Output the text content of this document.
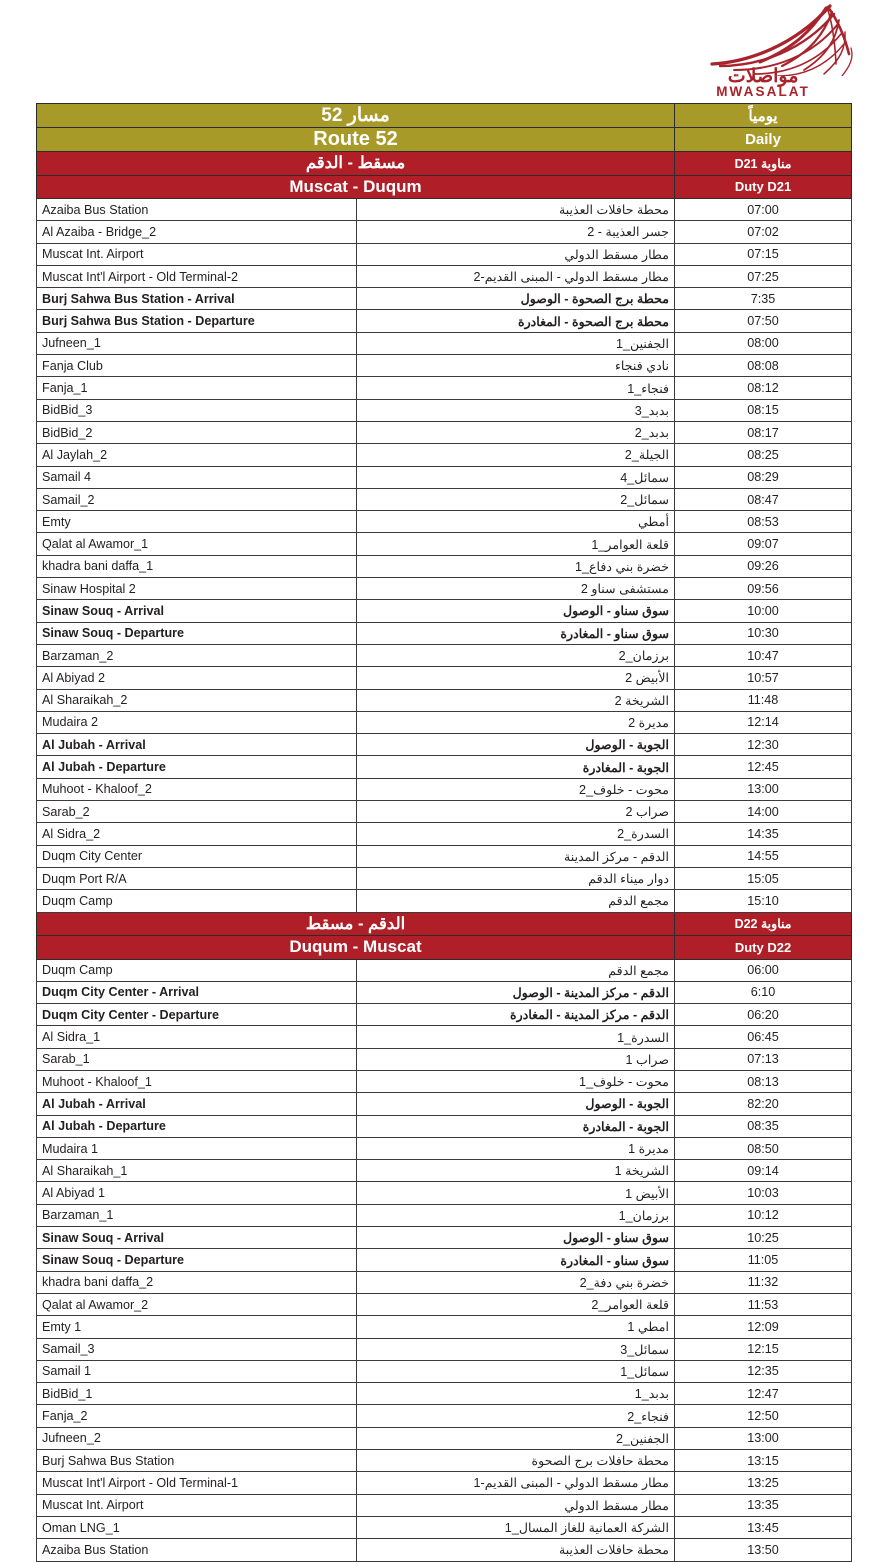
مواصلات
MWASALAT
مسار 52		يومياً
Route 52		Daily
مسقط - الدقم		مناوبة D21
Muscat - Duqum		Duty D21
Azaiba Bus Station	محطة حافلات العذيبة	07:00
Al Azaiba - Bridge_2	جسر العذيبة - 2	07:02
Muscat Int. Airport	مطار مسقط الدولي	07:15
Muscat Int'l Airport - Old Terminal-2	مطار مسقط الدولي - المبنى القديم-2	07:25
Burj Sahwa Bus Station - Arrival	محطة برج الصحوة - الوصول	7:35
Burj Sahwa Bus Station - Departure	محطة برج الصحوة - المغادرة	07:50
Jufneen_1	الجفنين_1	08:00
Fanja Club	نادي فنجاء	08:08
Fanja_1	فنجاء_1	08:12
BidBid_3	بدبد_3	08:15
BidBid_2	بدبد_2	08:17
Al Jaylah_2	الجيلة_2	08:25
Samail 4	سمائل_4	08:29
Samail_2	سمائل_2	08:47
Emty	أمطي	08:53
Qalat al Awamor_1	قلعة العوامر_1	09:07
khadra bani daffa_1	خضرة بني دفاع_1	09:26
Sinaw Hospital 2	مستشفى سناو 2	09:56
Sinaw Souq - Arrival	سوق سناو - الوصول	10:00
Sinaw Souq - Departure	سوق سناو - المغادرة	10:30
Barzaman_2	برزمان_2	10:47
Al Abiyad 2	الأبيض 2	10:57
Al Sharaikah_2	الشريخة 2	11:48
Mudaira 2	مديرة 2	12:14
Al Jubah - Arrival	الجوبة - الوصول	12:30
Al Jubah - Departure	الجوبة - المغادرة	12:45
Muhoot - Khaloof_2	محوت - خلوف_2	13:00
Sarab_2	صراب 2	14:00
Al Sidra_2	السدرة_2	14:35
Duqm City Center	الدقم - مركز المدينة	14:55
Duqm Port R/A	دوار ميناء الدقم	15:05
Duqm Camp	مجمع الدقم	15:10
الدقم - مسقط		مناوبة D22
Duqum - Muscat		Duty D22
Duqm Camp	مجمع الدقم	06:00
Duqm City Center - Arrival	الدقم - مركز المدينة - الوصول	6:10
Duqm City Center - Departure	الدقم - مركز المدينة - المغادرة	06:20
Al Sidra_1	السدرة_1	06:45
Sarab_1	صراب 1	07:13
Muhoot - Khaloof_1	محوت - خلوف_1	08:13
Al Jubah - Arrival	الجوبة - الوصول	82:20
Al Jubah - Departure	الجوبة - المغادرة	08:35
Mudaira 1	مديرة 1	08:50
Al Sharaikah_1	الشريخة 1	09:14
Al Abiyad 1	الأبيض 1	10:03
Barzaman_1	برزمان_1	10:12
Sinaw Souq - Arrival	سوق سناو - الوصول	10:25
Sinaw Souq - Departure	سوق سناو - المغادرة	11:05
khadra bani daffa_2	خضرة بني دفة_2	11:32
Qalat al Awamor_2	قلعة العوامر_2	11:53
Emty 1	امطي 1	12:09
Samail_3	سمائل_3	12:15
Samail 1	سمائل_1	12:35
BidBid_1	بدبد_1	12:47
Fanja_2	فنجاء_2	12:50
Jufneen_2	الجفنين_2	13:00
Burj Sahwa Bus Station	محطة حافلات برج الصحوة	13:15
Muscat Int'l Airport - Old Terminal-1	مطار مسقط الدولي - المبنى القديم-1	13:25
Muscat Int. Airport	مطار مسقط الدولي	13:35
Oman LNG_1	الشركة العمانية للغاز المسال_1	13:45
Azaiba Bus Station	محطة حافلات العذيبة	13:50
